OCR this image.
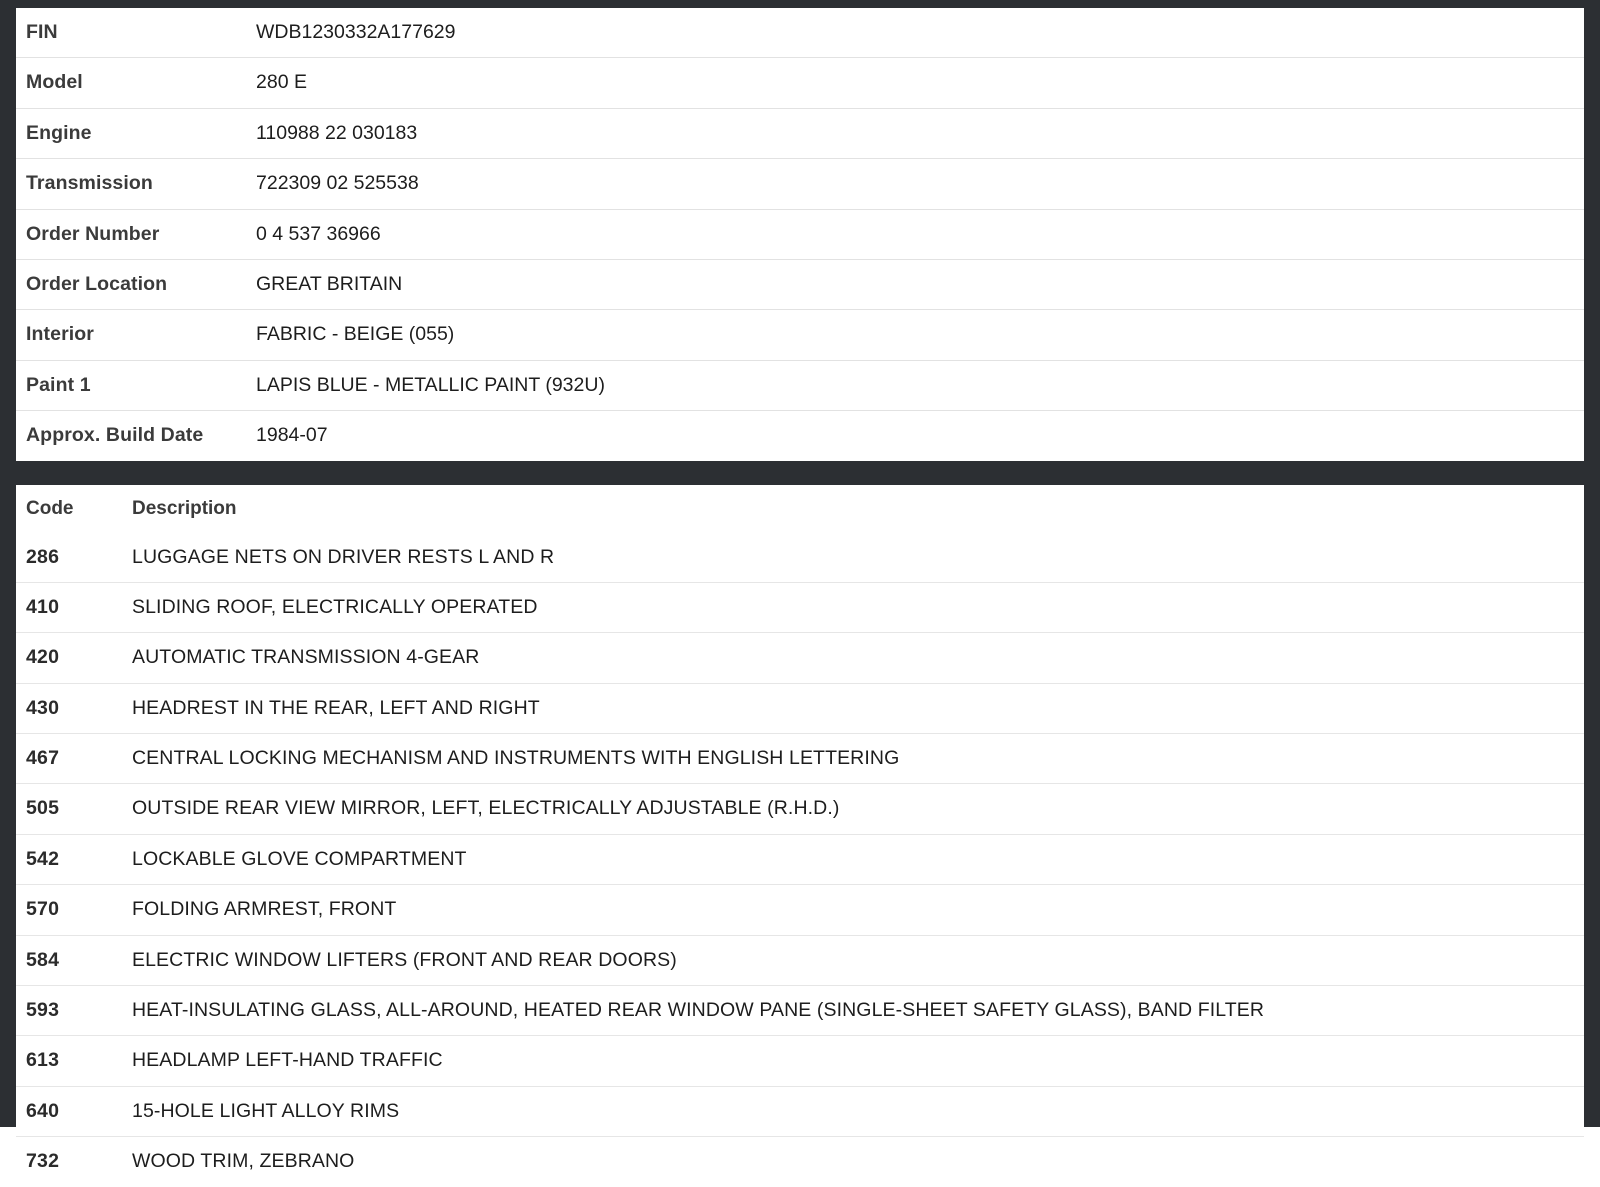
FIN	WDB1230332A177629
Model	280 E
Engine	110988 22 030183
Transmission	722309 02 525538
Order Number	0 4 537 36966
Order Location	GREAT BRITAIN
Interior	FABRIC - BEIGE (055)
Paint 1	LAPIS BLUE - METALLIC PAINT (932U)
Approx. Build Date	1984-07
Code	Description
286	LUGGAGE NETS ON DRIVER RESTS L AND R
410	SLIDING ROOF, ELECTRICALLY OPERATED
420	AUTOMATIC TRANSMISSION 4-GEAR
430	HEADREST IN THE REAR, LEFT AND RIGHT
467	CENTRAL LOCKING MECHANISM AND INSTRUMENTS WITH ENGLISH LETTERING
505	OUTSIDE REAR VIEW MIRROR, LEFT, ELECTRICALLY ADJUSTABLE (R.H.D.)
542	LOCKABLE GLOVE COMPARTMENT
570	FOLDING ARMREST, FRONT
584	ELECTRIC WINDOW LIFTERS (FRONT AND REAR DOORS)
593	HEAT-INSULATING GLASS, ALL-AROUND, HEATED REAR WINDOW PANE (SINGLE-SHEET SAFETY GLASS), BAND FILTER
613	HEADLAMP LEFT-HAND TRAFFIC
640	15-HOLE LIGHT ALLOY RIMS
732	WOOD TRIM, ZEBRANO
